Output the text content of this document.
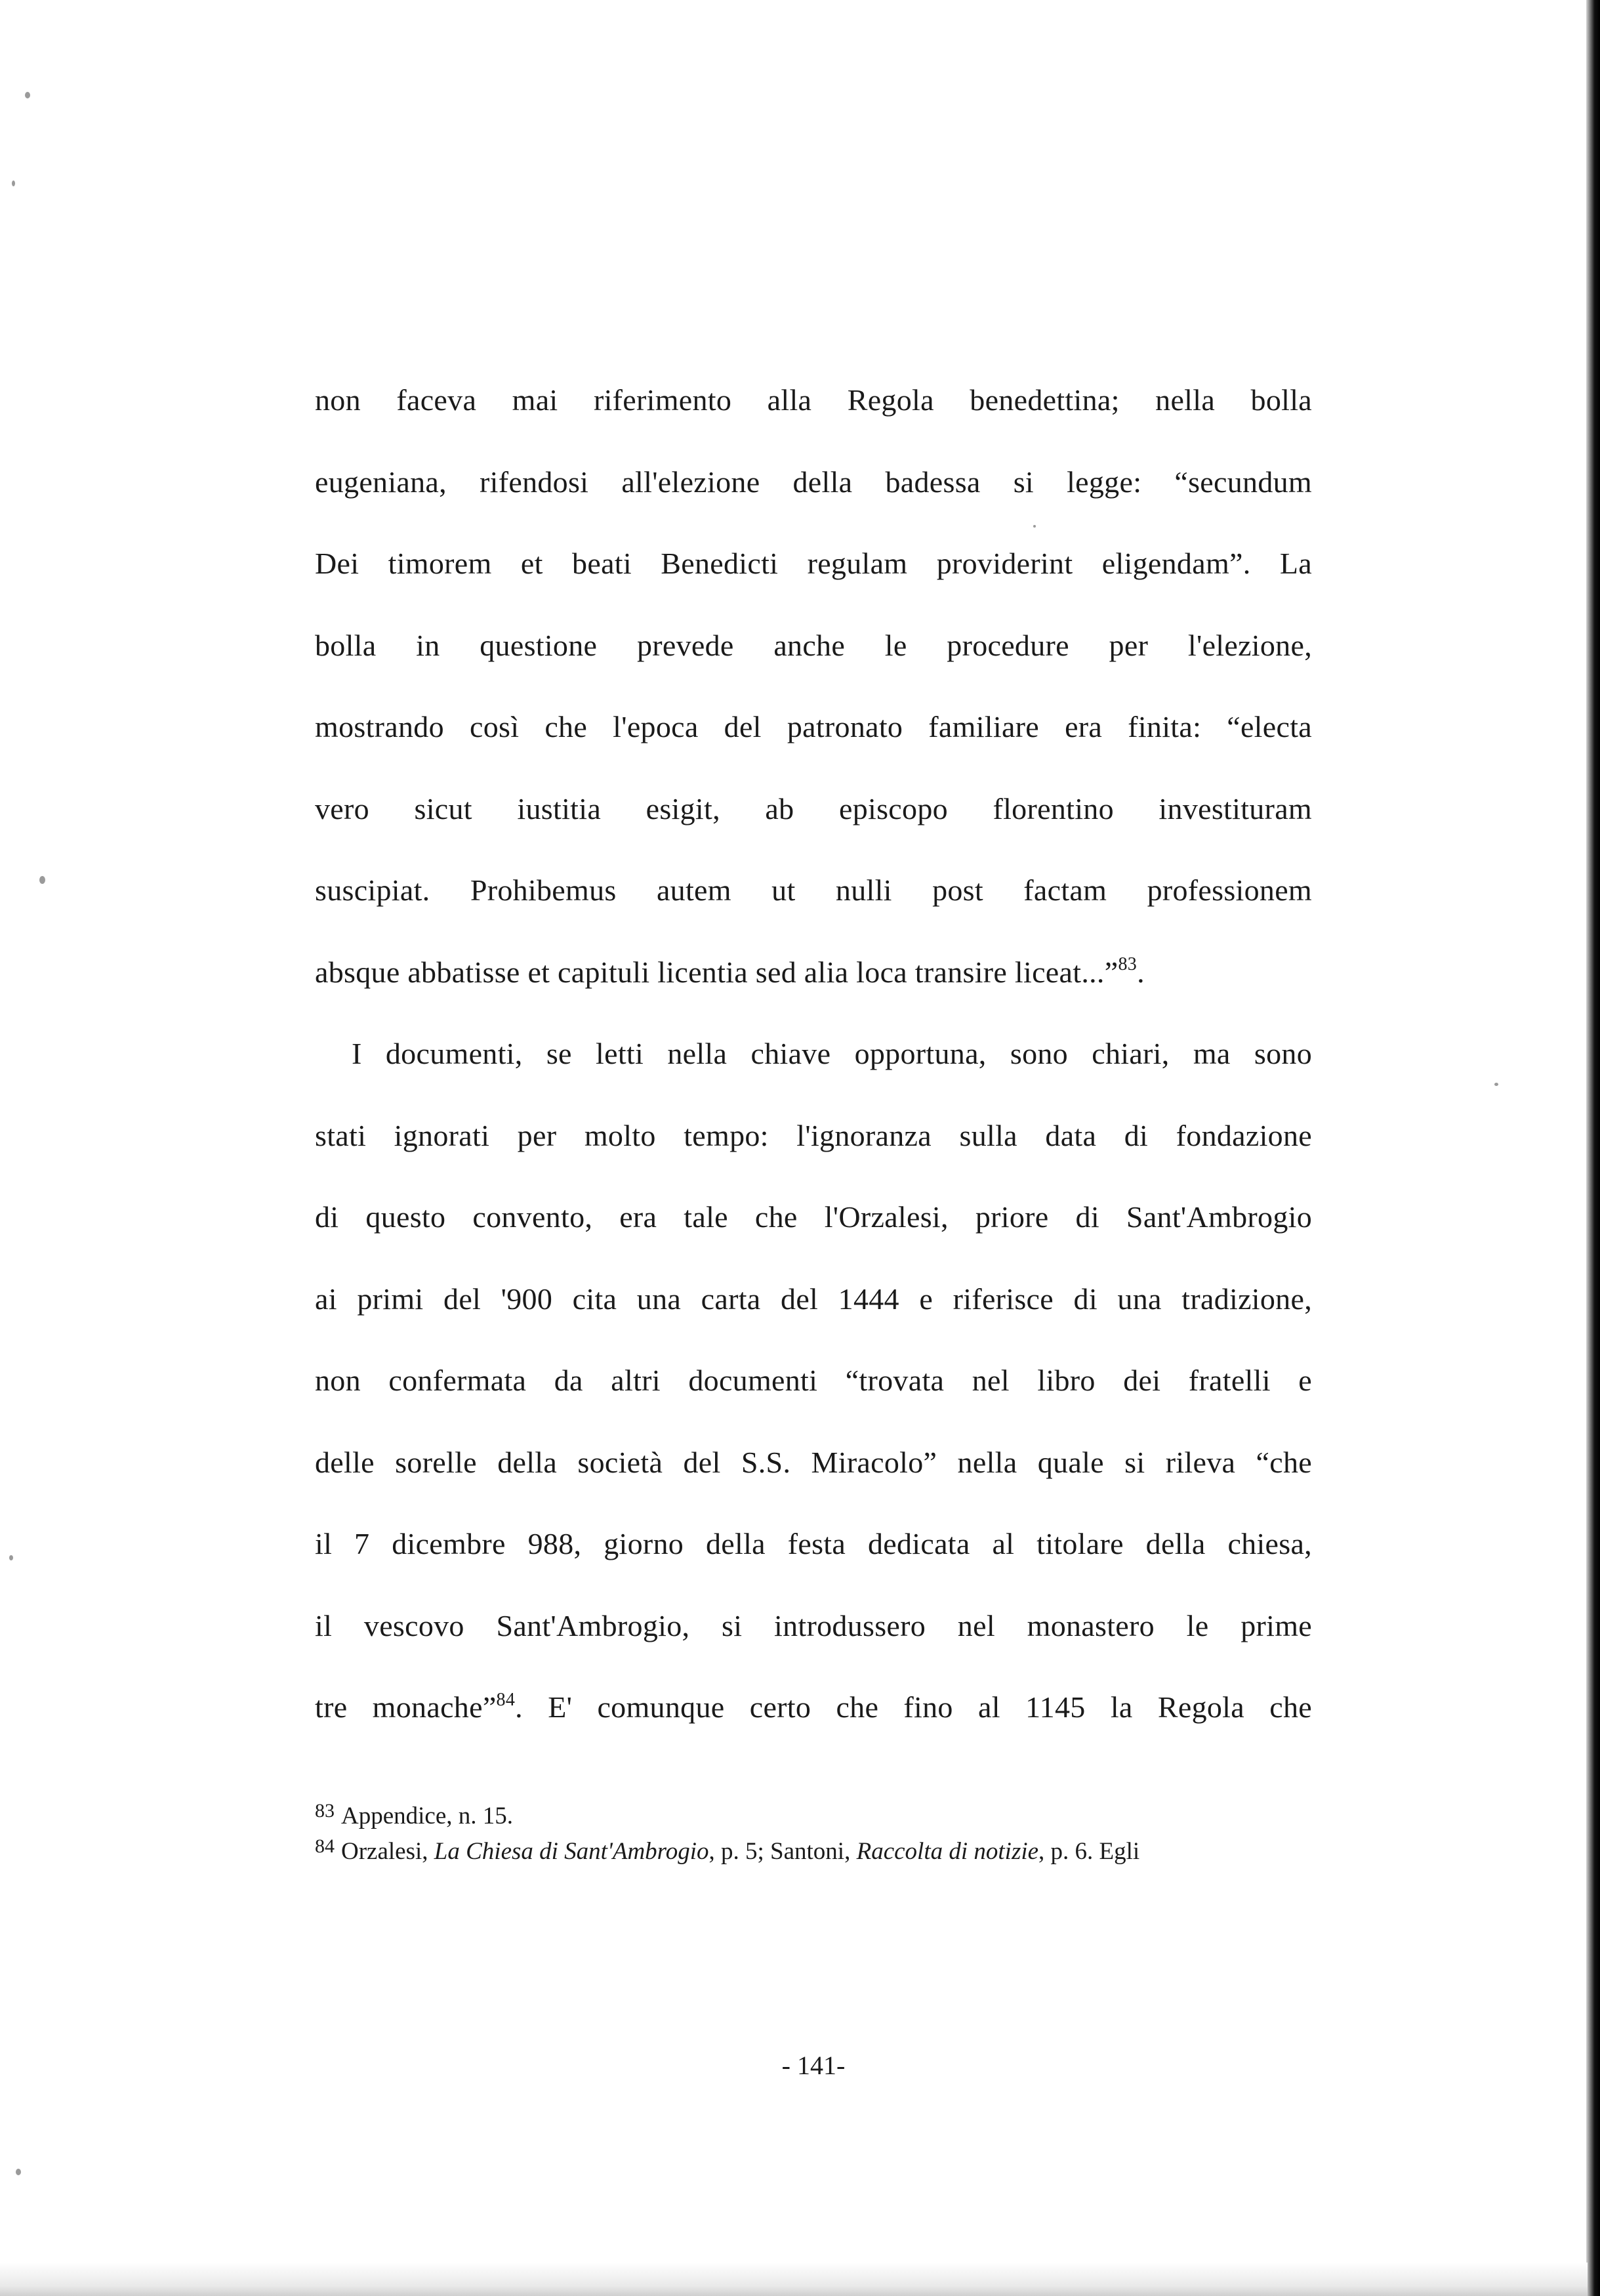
non faceva mai riferimento alla Regola benedettina; nella bolla
eugeniana, rifendosi all'elezione della badessa si legge: “secundum
Dei timorem et beati Benedicti regulam providerint eligendam”. La
bolla in questione prevede anche le procedure per l'elezione,
mostrando così che l'epoca del patronato familiare era finita: “electa
vero sicut iustitia esigit, ab episcopo florentino investituram
suscipiat. Prohibemus autem ut nulli post factam professionem
absque abbatisse et capituli licentia sed alia loca transire liceat...”$^{83}$.
I documenti, se letti nella chiave opportuna, sono chiari, ma sono
stati ignorati per molto tempo: l'ignoranza sulla data di fondazione
di questo convento, era tale che l'Orzalesi, priore di Sant'Ambrogio
ai primi del '900 cita una carta del 1444 e riferisce di una tradizione,
non confermata da altri documenti “trovata nel libro dei fratelli e
delle sorelle della società del S.S. Miracolo” nella quale si rileva “che
il 7 dicembre 988, giorno della festa dedicata al titolare della chiesa,
il vescovo Sant'Ambrogio, si introdussero nel monastero le prime
tre monache”$^{84}$. E' comunque certo che fino al 1145 la Regola che
$^{83}$ Appendice, n. 15.
$^{84}$ Orzalesi, La Chiesa di Sant'Ambrogio, p. 5; Santoni, Raccolta di notizie, p. 6. Egli
- 141-
